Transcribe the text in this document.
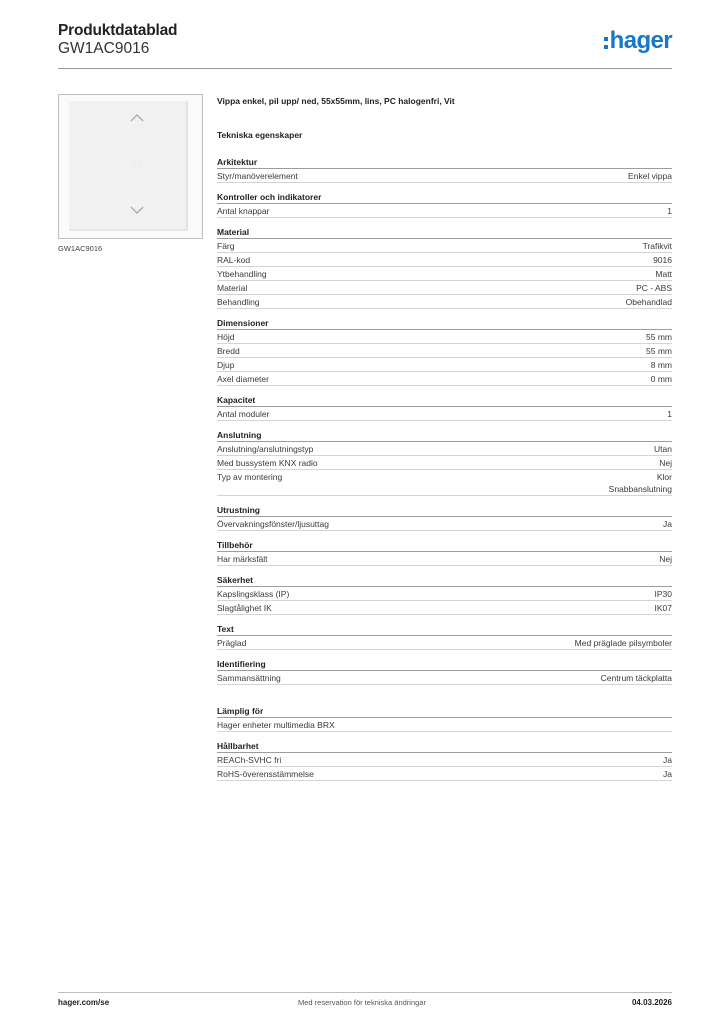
Produktdatablad
GW1AC9016	hager
GW1AC9016
Vippa enkel, pil upp/ ned, 55x55mm, lins, PC halogenfri, Vit
Tekniska egenskaper
Arkitektur
Styr/manöverelement	Enkel vippa
Kontroller och indikatorer
Antal knappar	1
Material
Färg	Trafikvit
RAL-kod	9016
Ytbehandling	Matt
Material	PC - ABS
Behandling	Obehandlad
Dimensioner
Höjd	55 mm
Bredd	55 mm
Djup	8 mm
Axel diameter	0 mm
Kapacitet
Antal moduler	1
Anslutning
Anslutning/anslutningstyp	Utan
Med bussystem KNX radio	Nej
Typ av montering	Klor
Snabbanslutning
Utrustning
Övervakningsfönster/ljusuttag	Ja
Tillbehör
Har märksfält	Nej
Säkerhet
Kapslingsklass (IP)	IP30
Slagtålighet IK	IK07
Text
Präglad	Med präglade pilsymboler
Identifiering
Sammansättning	Centrum täckplatta
Lämplig för
Hager enheter multimedia BRX
Hållbarhet
REACh-SVHC fri	Ja
RoHS-överensstämmelse	Ja
hager.com/se	Med reservation för tekniska ändringar	04.03.2026
